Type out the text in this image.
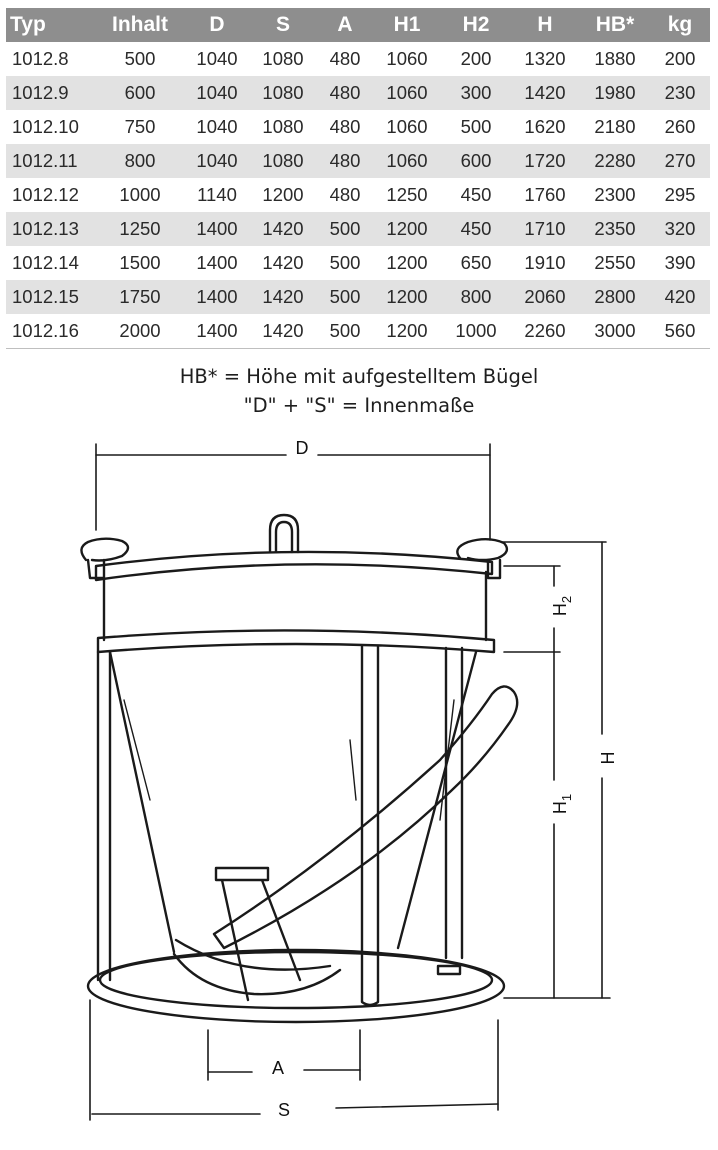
Typ	Inhalt	D	S	A	H1	H2	H	HB*	kg
1012.8	500	1040	1080	480	1060	200	1320	1880	200
1012.9	600	1040	1080	480	1060	300	1420	1980	230
1012.10	750	1040	1080	480	1060	500	1620	2180	260
1012.11	800	1040	1080	480	1060	600	1720	2280	270
1012.12	1000	1140	1200	480	1250	450	1760	2300	295
1012.13	1250	1400	1420	500	1200	450	1710	2350	320
1012.14	1500	1400	1420	500	1200	650	1910	2550	390
1012.15	1750	1400	1420	500	1200	800	2060	2800	420
1012.16	2000	1400	1420	500	1200	1000	2260	3000	560
HB* = Höhe mit aufgestelltem Bügel
"D" + "S" = Innenmaße
D
A
S
H
$H_1$
$H_2$
